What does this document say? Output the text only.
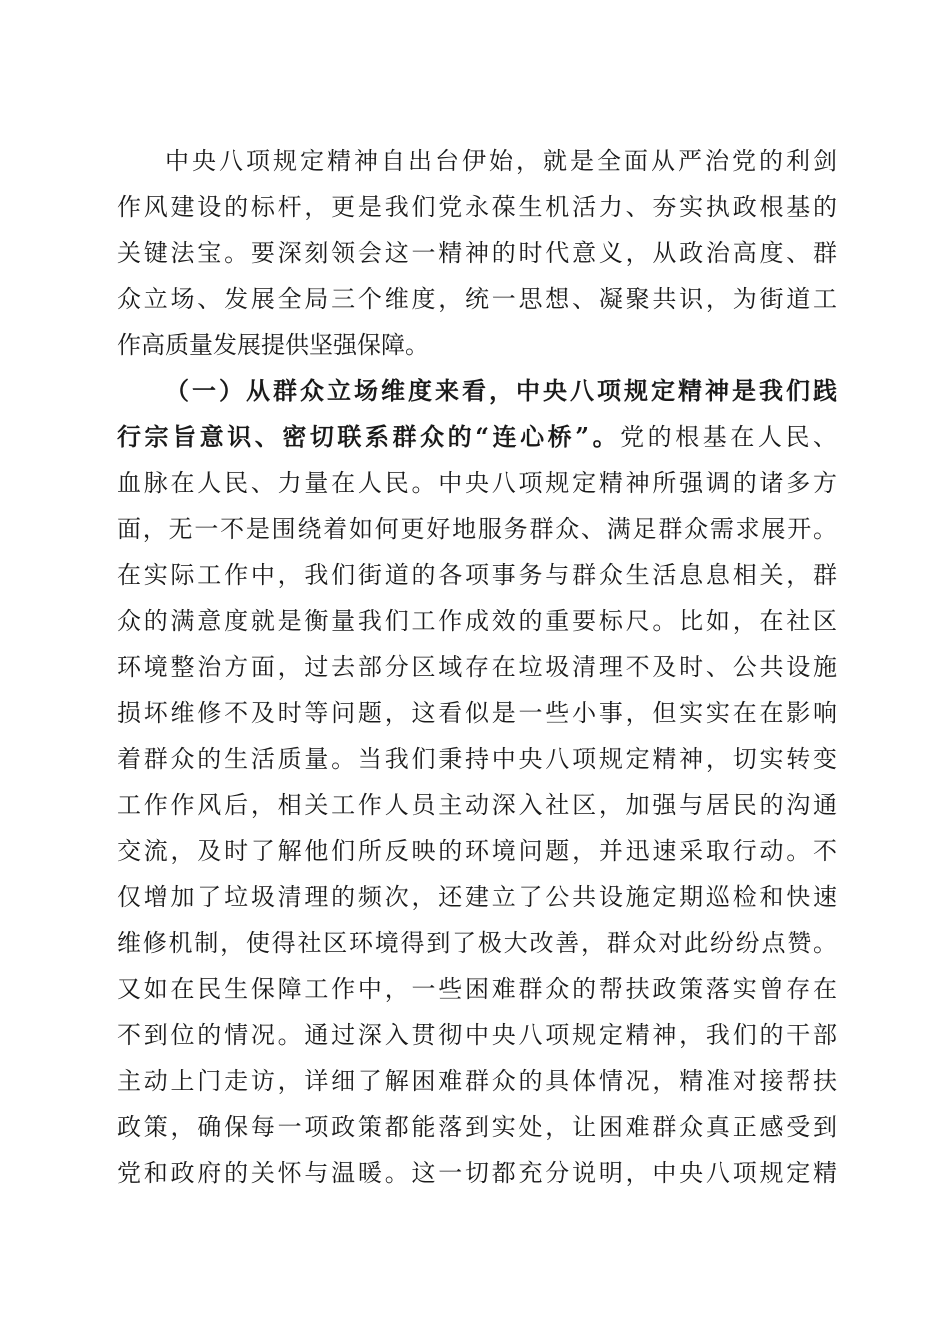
中央八项规定精神自出台伊始，就是全面从严治党的利剑
作风建设的标杆，更是我们党永葆生机活力、夯实执政根基的
关键法宝。要深刻领会这一精神的时代意义，从政治高度、群
众立场、发展全局三个维度，统一思想、凝聚共识，为街道工
作高质量发展提供坚强保障。
（一）从群众立场维度来看，中央八项规定精神是我们践
行宗旨意识、密切联系群众的“连心桥”。党的根基在人民、
血脉在人民、力量在人民。中央八项规定精神所强调的诸多方
面，无一不是围绕着如何更好地服务群众、满足群众需求展开。
在实际工作中，我们街道的各项事务与群众生活息息相关，群
众的满意度就是衡量我们工作成效的重要标尺。比如，在社区
环境整治方面，过去部分区域存在垃圾清理不及时、公共设施
损坏维修不及时等问题，这看似是一些小事，但实实在在影响
着群众的生活质量。当我们秉持中央八项规定精神，切实转变
工作作风后，相关工作人员主动深入社区，加强与居民的沟通
交流，及时了解他们所反映的环境问题，并迅速采取行动。不
仅增加了垃圾清理的频次，还建立了公共设施定期巡检和快速
维修机制，使得社区环境得到了极大改善，群众对此纷纷点赞。
又如在民生保障工作中，一些困难群众的帮扶政策落实曾存在
不到位的情况。通过深入贯彻中央八项规定精神，我们的干部
主动上门走访，详细了解困难群众的具体情况，精准对接帮扶
政策，确保每一项政策都能落到实处，让困难群众真正感受到
党和政府的关怀与温暖。这一切都充分说明，中央八项规定精
